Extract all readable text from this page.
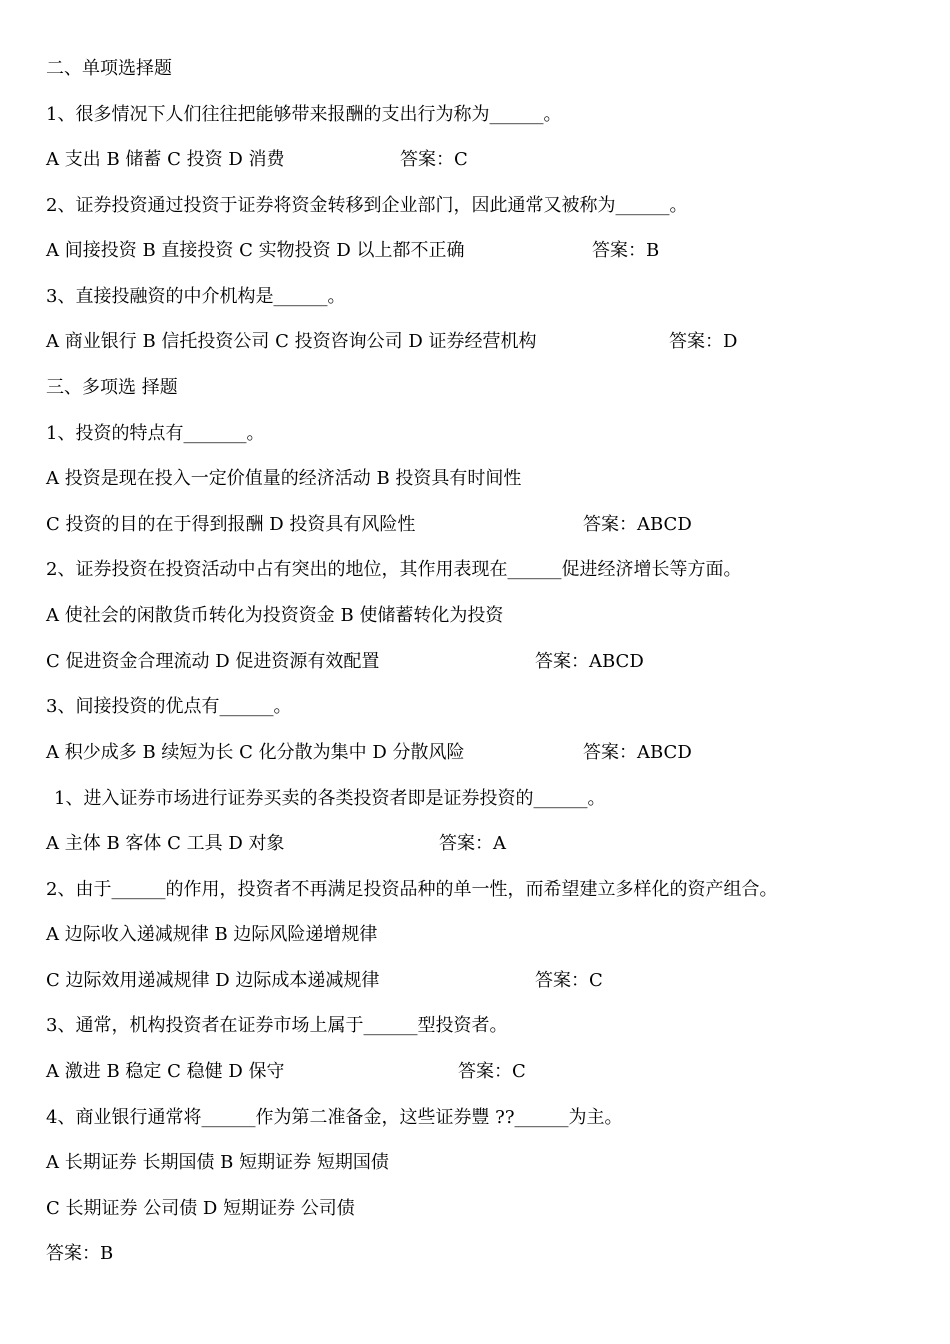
二、单项选择题
1、很多情况下人们往往把能够带来报酬的支出行为称为______。
A 支出 B 储蓄 C 投资 D 消费	答案：C
2、证券投资通过投资于证券将资金转移到企业部门，因此通常又被称为______。
A 间接投资 B 直接投资 C 实物投资 D 以上都不正确	答案：B
3、直接投融资的中介机构是______。
A 商业银行 B 信托投资公司 C 投资咨询公司 D 证券经营机构	答案：D
三、多项选 择题
1、投资的特点有_______。
A 投资是现在投入一定价值量的经济活动 B 投资具有时间性
C 投资的目的在于得到报酬 D 投资具有风险性	答案：ABCD
2、证券投资在投资活动中占有突出的地位，其作用表现在______促进经济增长等方面。
A 使社会的闲散货币转化为投资资金 B 使储蓄转化为投资
C 促进资金合理流动 D 促进资源有效配置	答案：ABCD
3、间接投资的优点有______。
A 积少成多 B 续短为长 C 化分散为集中 D 分散风险	答案：ABCD
1、进入证券市场进行证券买卖的各类投资者即是证券投资的______。
A 主体 B 客体 C 工具 D 对象	答案：A
2、由于______的作用，投资者不再满足投资品种的单一性，而希望建立多样化的资产组合。
A 边际收入递减规律 B 边际风险递增规律
C 边际效用递减规律 D 边际成本递减规律	答案：C
3、通常，机构投资者在证券市场上属于______型投资者。
A 激进 B 稳定 C 稳健 D 保守	答案：C
4、商业银行通常将______作为第二准备金，这些证券豐 ??______为主。
A 长期证券 长期国债 B 短期证券 短期国债
C 长期证券 公司债 D 短期证券 公司债
答案：B
